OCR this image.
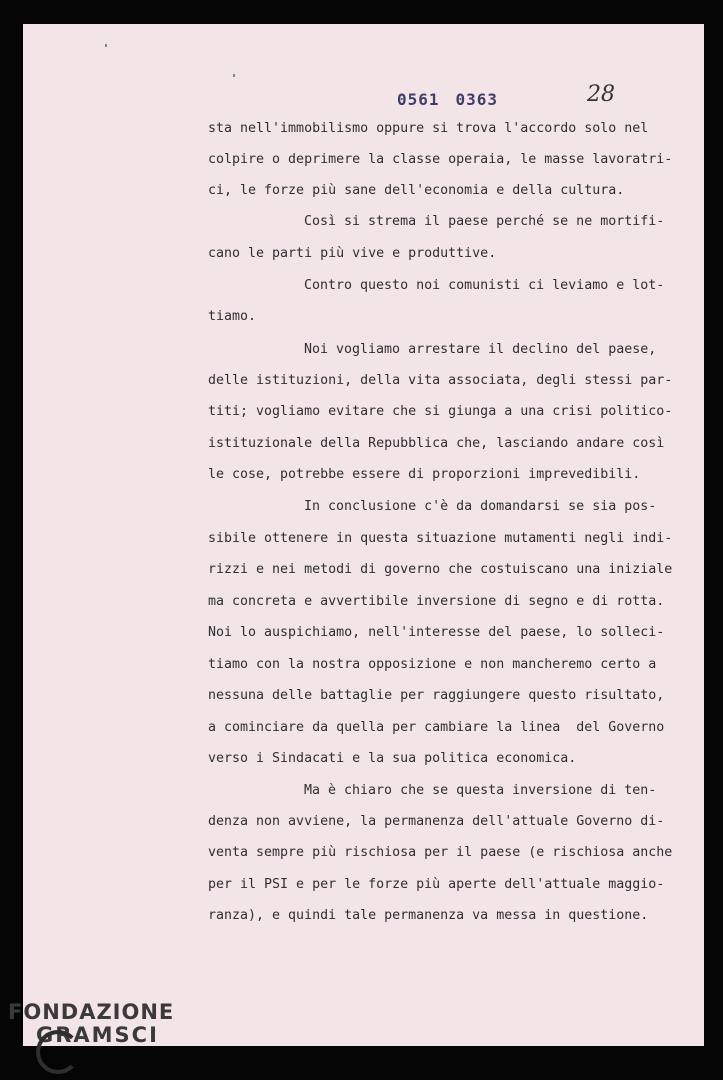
0561 0363	28
sta nell'immobilismo oppure si trova l'accordo solo nel
colpire o deprimere la classe operaia, le masse lavoratri-
ci, le forze più sane dell'economia e della cultura.
Così si strema il paese perché se ne mortifi-
cano le parti più vive e produttive.
Contro questo noi comunisti ci leviamo e lot-
tiamo.
Noi vogliamo arrestare il declino del paese,
delle istituzioni, della vita associata, degli stessi par-
titi; vogliamo evitare che si giunga a una crisi politico-
istituzionale della Repubblica che, lasciando andare così
le cose, potrebbe essere di proporzioni imprevedibili.
In conclusione c'è da domandarsi se sia pos-
sibile ottenere in questa situazione mutamenti negli indi-
rizzi e nei metodi di governo che costuiscano una iniziale
ma concreta e avvertibile inversione di segno e di rotta.
Noi lo auspichiamo, nell'interesse del paese, lo solleci-
tiamo con la nostra opposizione e non mancheremo certo a
nessuna delle battaglie per raggiungere questo risultato,
a cominciare da quella per cambiare la linea  del Governo
verso i Sindacati e la sua politica economica.
Ma è chiaro che se questa inversione di ten-
denza non avviene, la permanenza dell'attuale Governo di-
venta sempre più rischiosa per il paese (e rischiosa anche
per il PSI e per le forze più aperte dell'attuale maggio-
ranza), e quindi tale permanenza va messa in questione.
FONDAZIONE
GRAMSCI
